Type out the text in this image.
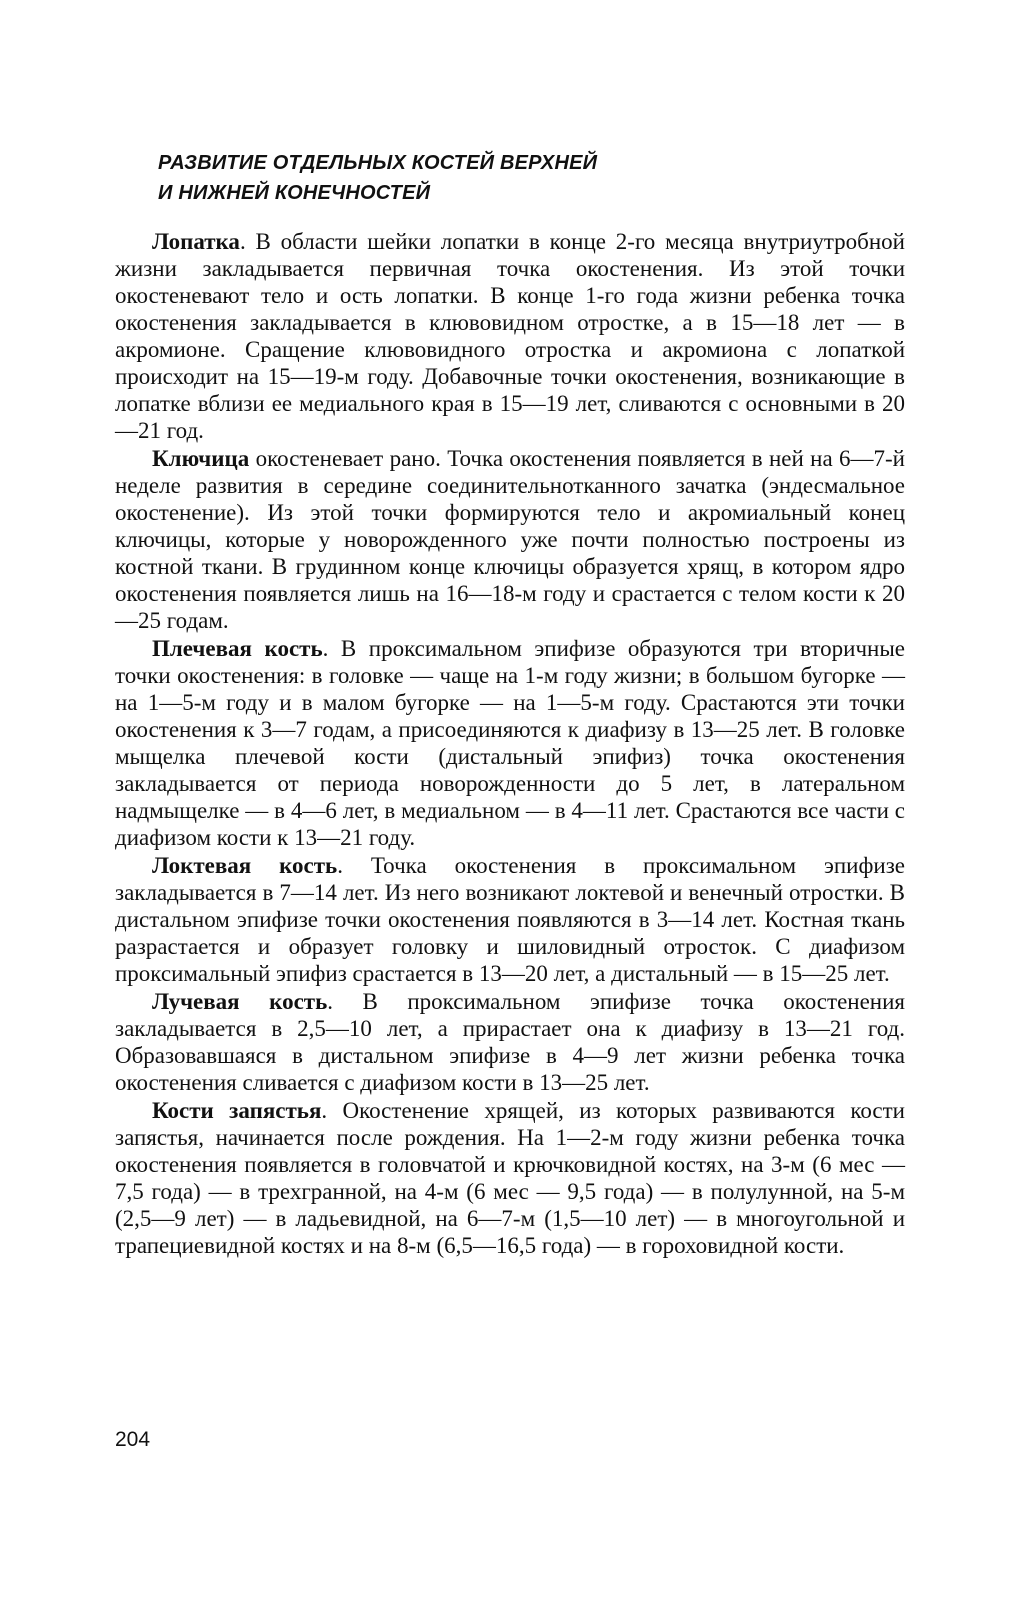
РАЗВИТИЕ ОТДЕЛЬНЫХ КОСТЕЙ ВЕРХНЕЙ
И НИЖНЕЙ КОНЕЧНОСТЕЙ

Лопатка. В области шейки лопатки в конце 2-го месяца внутриутробной жизни закладывается первичная точка окостенения. Из этой точки окостеневают тело и ость лопатки. В конце 1-го года жизни ребенка точка окостенения закладывается в клювовидном отростке, а в 15—18 лет — в акромионе. Сращение клювовидного отростка и акромиона с лопаткой происходит на 15—19-м году. Добавочные точки окостенения, возникающие в лопатке вблизи ее медиального края в 15—19 лет, сливаются с основными в 20—21 год.

Ключица окостеневает рано. Точка окостенения появляется в ней на 6—7-й неделе развития в середине соединительнотканного зачатка (эндесмальное окостенение). Из этой точки формируются тело и акромиальный конец ключицы, которые у новорожденного уже почти полностью построены из костной ткани. В грудинном конце ключицы образуется хрящ, в котором ядро окостенения появляется лишь на 16—18-м году и срастается с телом кости к 20—25 годам.

Плечевая кость. В проксимальном эпифизе образуются три вторичные точки окостенения: в головке — чаще на 1-м году жизни; в большом бугорке — на 1—5-м году и в малом бугорке — на 1—5-м году. Срастаются эти точки окостенения к 3—7 годам, а присоединяются к диафизу в 13—25 лет. В головке мыщелка плечевой кости (дистальный эпифиз) точка окостенения закладывается от периода новорожденности до 5 лет, в латеральном надмыщелке — в 4—6 лет, в медиальном — в 4—11 лет. Срастаются все части с диафизом кости к 13—21 году.

Локтевая кость. Точка окостенения в проксимальном эпифизе закладывается в 7—14 лет. Из него возникают локтевой и венечный отростки. В дистальном эпифизе точки окостенения появляются в 3—14 лет. Костная ткань разрастается и образует головку и шиловидный отросток. С диафизом проксимальный эпифиз срастается в 13—20 лет, а дистальный — в 15—25 лет.

Лучевая кость. В проксимальном эпифизе точка окостенения закладывается в 2,5—10 лет, а прирастает она к диафизу в 13—21 год. Образовавшаяся в дистальном эпифизе в 4—9 лет жизни ребенка точка окостенения сливается с диафизом кости в 13—25 лет.

Кости запястья. Окостенение хрящей, из которых развиваются кости запястья, начинается после рождения. На 1—2-м году жизни ребенка точка окостенения появляется в головчатой и крючковидной костях, на 3-м (6 мес — 7,5 года) — в трехгранной, на 4-м (6 мес — 9,5 года) — в полулунной, на 5-м (2,5—9 лет) — в ладьевидной, на 6—7-м (1,5—10 лет) — в многоугольной и трапециевидной костях и на 8-м (6,5—16,5 года) — в гороховидной кости.

204
